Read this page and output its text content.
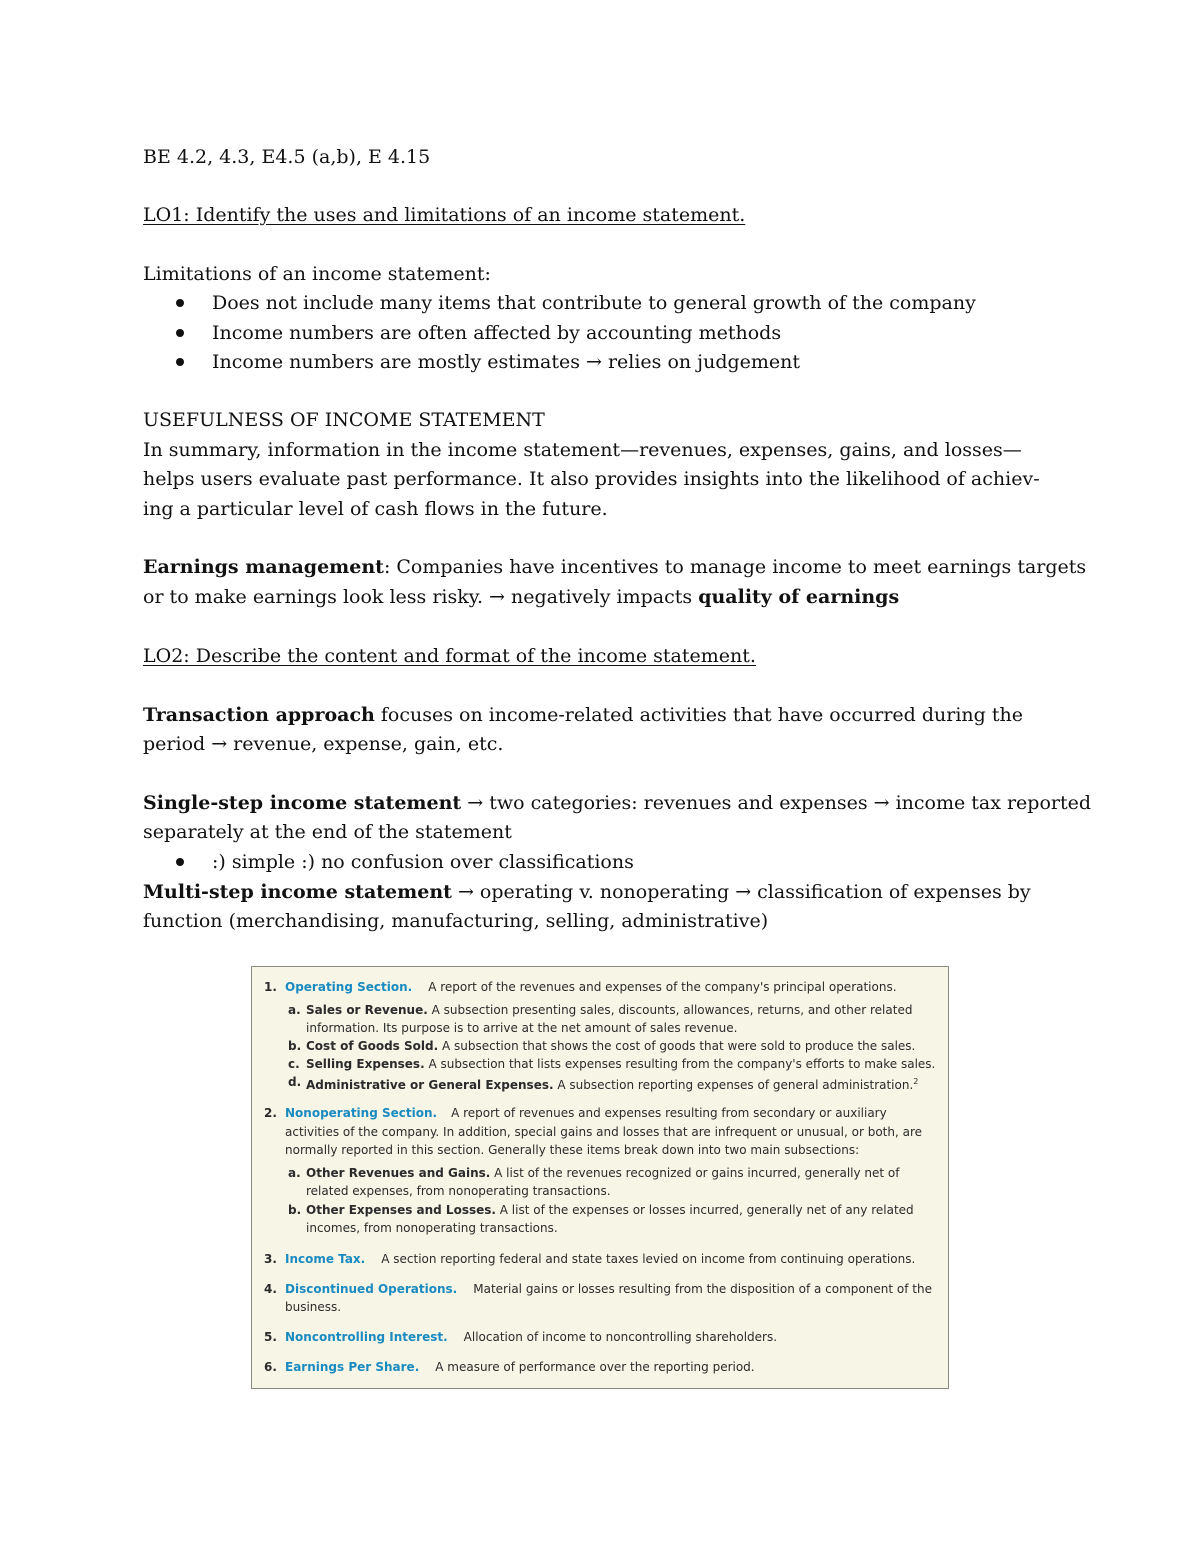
BE 4.2, 4.3, E4.5 (a,b), E 4.15
LO1: Identify the uses and limitations of an income statement.
Limitations of an income statement:
Does not include many items that contribute to general growth of the company
Income numbers are often affected by accounting methods
Income numbers are mostly estimates → relies on judgement
USEFULNESS OF INCOME STATEMENT
In summary, information in the income statement—revenues, expenses, gains, and losses—
helps users evaluate past performance. It also provides insights into the likelihood of achiev-
ing a particular level of cash flows in the future.
Earnings management: Companies have incentives to manage income to meet earnings targets
or to make earnings look less risky. → negatively impacts quality of earnings
LO2: Describe the content and format of the income statement.
Transaction approach focuses on income-related activities that have occurred during the
period → revenue, expense, gain, etc.
Single-step income statement → two categories: revenues and expenses → income tax reported
separately at the end of the statement
:) simple :) no confusion over classifications
Multi-step income statement → operating v. nonoperating → classification of expenses by
function (merchandising, manufacturing, selling, administrative)
1. Operating Section. A report of the revenues and expenses of the company's principal operations.
a. Sales or Revenue. A subsection presenting sales, discounts, allowances, returns, and other related
information. Its purpose is to arrive at the net amount of sales revenue.
b. Cost of Goods Sold. A subsection that shows the cost of goods that were sold to produce the sales.
c. Selling Expenses. A subsection that lists expenses resulting from the company's efforts to make sales.
d. Administrative or General Expenses. A subsection reporting expenses of general administration.$^2$
2. Nonoperating Section. A report of revenues and expenses resulting from secondary or auxiliary
activities of the company. In addition, special gains and losses that are infrequent or unusual, or both, are
normally reported in this section. Generally these items break down into two main subsections:
a. Other Revenues and Gains. A list of the revenues recognized or gains incurred, generally net of
related expenses, from nonoperating transactions.
b. Other Expenses and Losses. A list of the expenses or losses incurred, generally net of any related
incomes, from nonoperating transactions.
3. Income Tax. A section reporting federal and state taxes levied on income from continuing operations.
4. Discontinued Operations. Material gains or losses resulting from the disposition of a component of the
business.
5. Noncontrolling Interest. Allocation of income to noncontrolling shareholders.
6. Earnings Per Share. A measure of performance over the reporting period.
